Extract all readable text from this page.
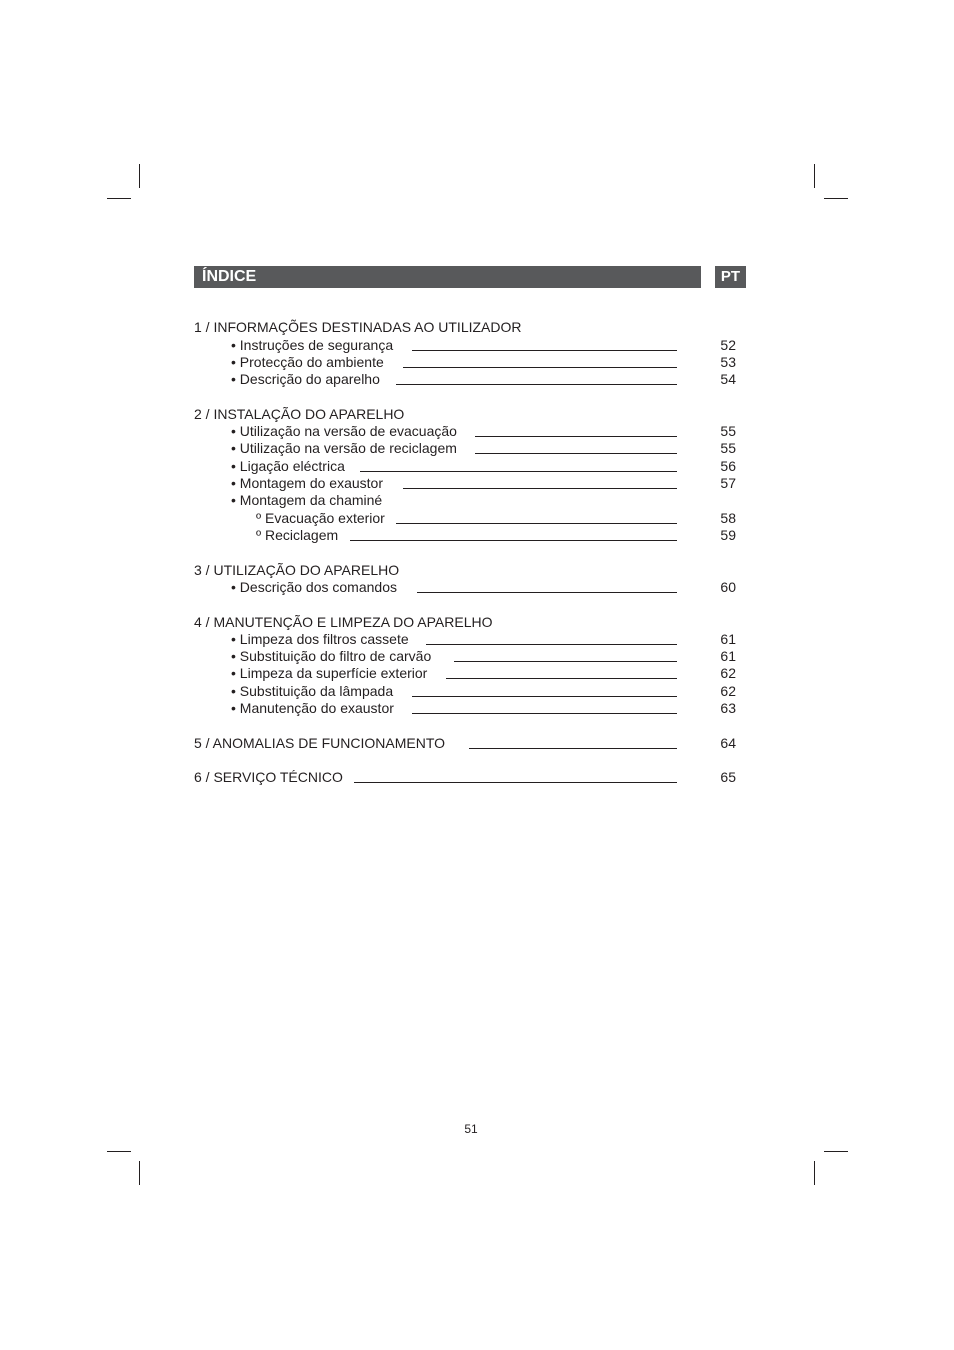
ÍNDICE	PT
1 / INFORMAÇÕES DESTINADAS AO UTILIZADOR
• Instruções de segurança	52
• Protecção do ambiente	53
• Descrição do aparelho	54
2 / INSTALAÇÃO DO APARELHO
• Utilização na versão de evacuação	55
• Utilização na versão de reciclagem	55
• Ligação eléctrica	56
• Montagem do exaustor	57
• Montagem da chaminé
º Evacuação exterior	58
º Reciclagem	59
3 / UTILIZAÇÃO DO APARELHO
• Descrição dos comandos	60
4 / MANUTENÇÃO E LIMPEZA DO APARELHO
• Limpeza dos filtros cassete	61
• Substituição do filtro de carvão	61
• Limpeza da superfície exterior	62
• Substituição da lâmpada	62
• Manutenção do exaustor	63
5 / ANOMALIAS DE FUNCIONAMENTO	64
6 / SERVIÇO TÉCNICO	65
51
